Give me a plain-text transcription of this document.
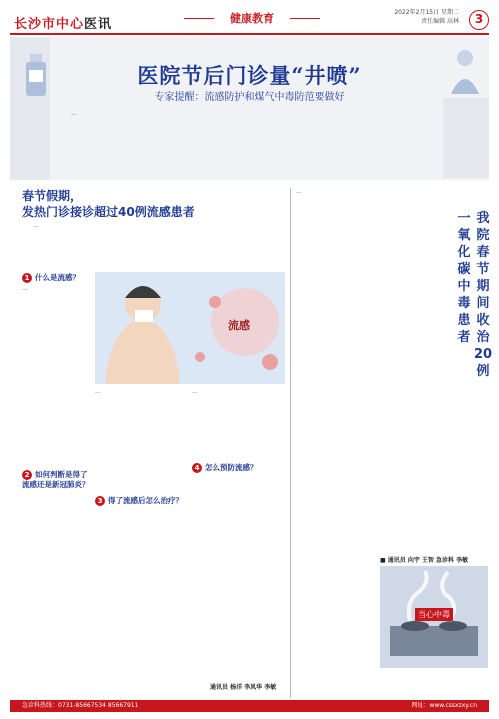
长沙市中心医讯	健康教育	2022年2月15日 星期二
责任编辑 高林	3
医院节后门诊量“井喷”
专家提醒：流感防护和煤气中毒防范要做好
…
春节假期，
发热门诊接诊超过40例流感患者
…
1 什么是流感？
…
2 如何判断是得了流感还是新冠肺炎？
流感
…
3 得了流感后怎么治疗？
…
4 怎么预防流感？
通讯员 杨洋 李凤华 李敏
…
我院春节期间收治20例
一氧化碳中毒患者
■ 通讯员 向宇 王智 急诊科 李敏
当心中毒
急诊科热线：0731-85667534 85667911	网址：www.cssxzxy.cn
